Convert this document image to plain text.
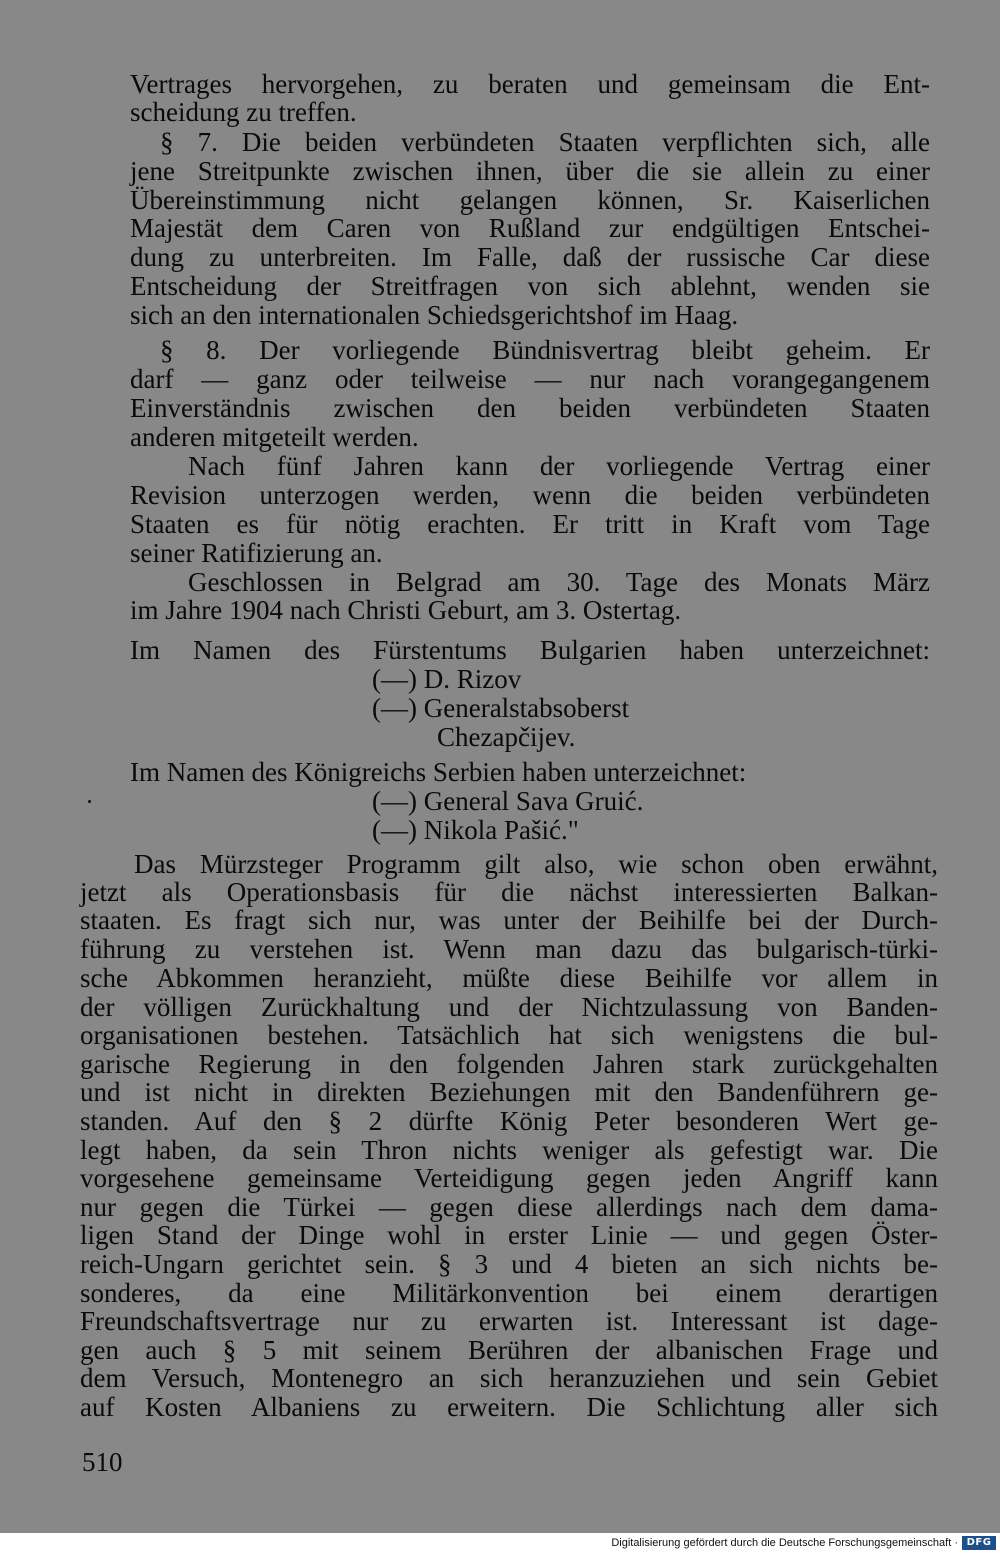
Vertrages hervorgehen, zu beraten und gemeinsam die Ent-
scheidung zu treffen.
§ 7. Die beiden verbündeten Staaten verpflichten sich, alle
jene Streitpunkte zwischen ihnen, über die sie allein zu einer
Übereinstimmung nicht gelangen können, Sr. Kaiserlichen
Majestät dem Caren von Rußland zur endgültigen Entschei-
dung zu unterbreiten. Im Falle, daß der russische Car diese
Entscheidung der Streitfragen von sich ablehnt, wenden sie
sich an den internationalen Schiedsgerichtshof im Haag.
§ 8. Der vorliegende Bündnisvertrag bleibt geheim. Er
darf — ganz oder teilweise — nur nach vorangegangenem
Einverständnis zwischen den beiden verbündeten Staaten
anderen mitgeteilt werden.
Nach fünf Jahren kann der vorliegende Vertrag einer
Revision unterzogen werden, wenn die beiden verbündeten
Staaten es für nötig erachten. Er tritt in Kraft vom Tage
seiner Ratifizierung an.
Geschlossen in Belgrad am 30. Tage des Monats März
im Jahre 1904 nach Christi Geburt, am 3. Ostertag.
Im Namen des Fürstentums Bulgarien haben unterzeichnet:
(—) D. Rizov
(—) Generalstabsoberst
Chezapčijev.
Im Namen des Königreichs Serbien haben unterzeichnet:
(—) General Sava Gruić.
(—) Nikola Pašić."
Das Mürzsteger Programm gilt also, wie schon oben erwähnt,
jetzt als Operationsbasis für die nächst interessierten Balkan-
staaten. Es fragt sich nur, was unter der Beihilfe bei der Durch-
führung zu verstehen ist. Wenn man dazu das bulgarisch-türki-
sche Abkommen heranzieht, müßte diese Beihilfe vor allem in
der völligen Zurückhaltung und der Nichtzulassung von Banden-
organisationen bestehen. Tatsächlich hat sich wenigstens die bul-
garische Regierung in den folgenden Jahren stark zurückgehalten
und ist nicht in direkten Beziehungen mit den Bandenführern ge-
standen. Auf den § 2 dürfte König Peter besonderen Wert ge-
legt haben, da sein Thron nichts weniger als gefestigt war. Die
vorgesehene gemeinsame Verteidigung gegen jeden Angriff kann
nur gegen die Türkei — gegen diese allerdings nach dem dama-
ligen Stand der Dinge wohl in erster Linie — und gegen Öster-
reich-Ungarn gerichtet sein. § 3 und 4 bieten an sich nichts be-
sonderes, da eine Militärkonvention bei einem derartigen
Freundschaftsvertrage nur zu erwarten ist. Interessant ist dage-
gen auch § 5 mit seinem Berühren der albanischen Frage und
dem Versuch, Montenegro an sich heranzuziehen und sein Gebiet
auf Kosten Albaniens zu erweitern. Die Schlichtung aller sich
510
Digitalisierung gefördert durch die Deutsche Forschungsgemeinschaft · DFG
